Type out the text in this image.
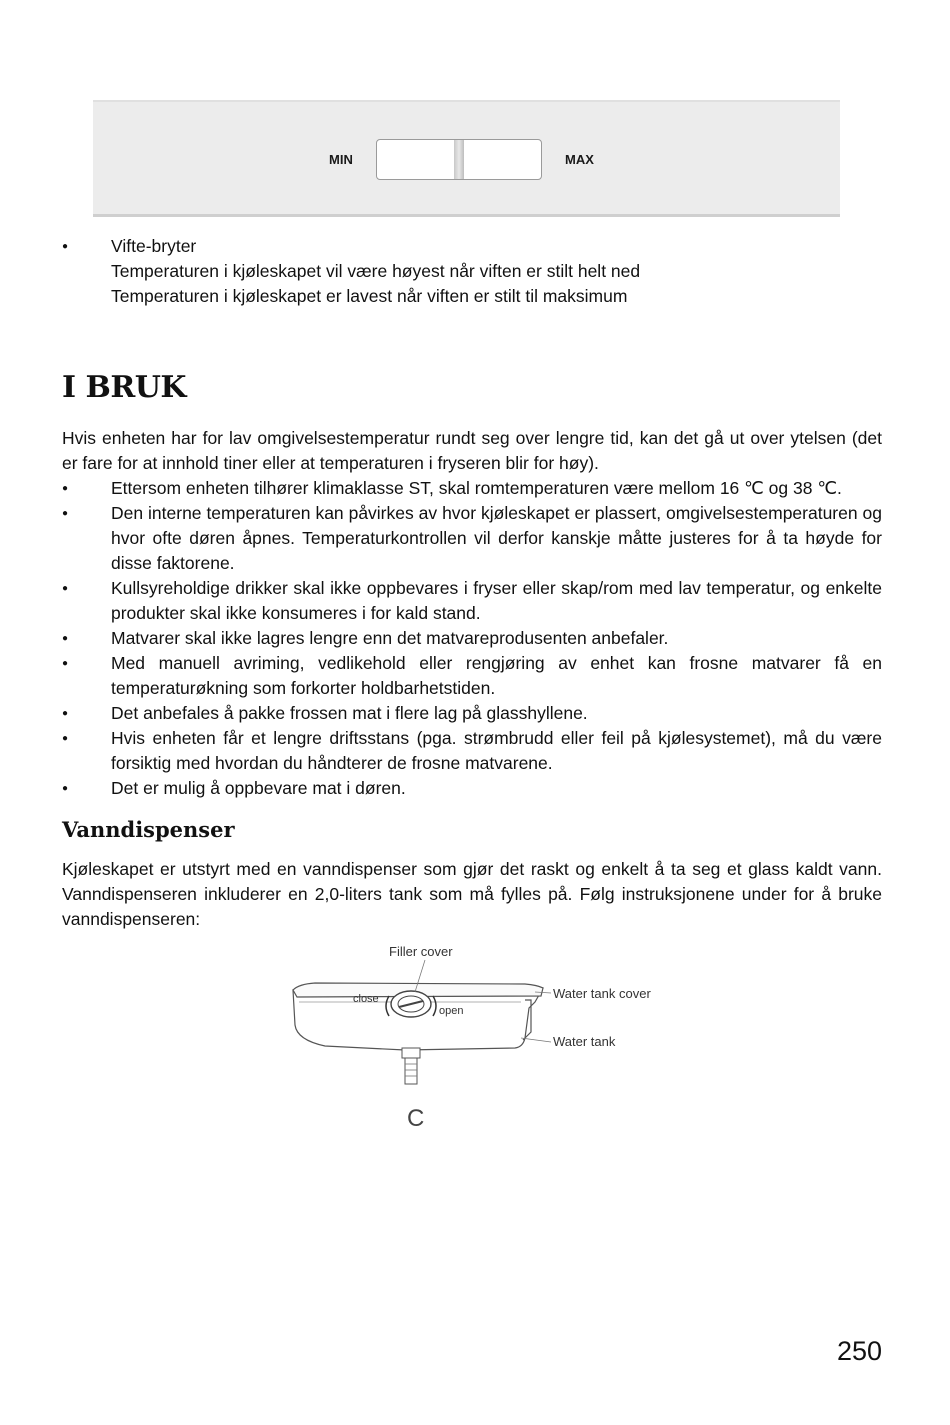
MIN	MAX
●
Vifte-bryter
Temperaturen i kjøleskapet vil være høyest når viften er stilt helt ned
Temperaturen i kjøleskapet er lavest når viften er stilt til maksimum
I BRUK
Hvis enheten har for lav omgivelsestemperatur rundt seg over lengre tid, kan det gå ut over ytelsen (det er fare for at innhold tiner eller at temperaturen i fryseren blir for høy).
●
Ettersom enheten tilhører klimaklasse ST, skal romtemperaturen være mellom 16 ℃ og 38 ℃.
●
Den interne temperaturen kan påvirkes av hvor kjøleskapet er plassert, omgivelsestemperaturen og hvor ofte døren åpnes. Temperaturkontrollen vil derfor kanskje måtte justeres for å ta høyde for disse faktorene.
●
Kullsyreholdige drikker skal ikke oppbevares i fryser eller skap/rom med lav temperatur, og enkelte produkter skal ikke konsumeres i for kald stand.
●
Matvarer skal ikke lagres lengre enn det matvareprodusenten anbefaler.
●
Med manuell avriming, vedlikehold eller rengjøring av enhet kan frosne matvarer få en temperaturøkning som forkorter holdbarhetstiden.
●
Det anbefales å pakke frossen mat i flere lag på glasshyllene.
●
Hvis enheten får et lengre driftsstans (pga. strømbrudd eller feil på kjølesystemet), må du være forsiktig med hvordan du håndterer de frosne matvarene.
●
Det er mulig å oppbevare mat i døren.
Vanndispenser
Kjøleskapet er utstyrt med en vanndispenser som gjør det raskt og enkelt å ta seg et glass kaldt vann. Vanndispenseren inkluderer en 2,0-liters tank som må fylles på. Følg instruksjonene under for å bruke vanndispenseren:
Filler cover
close
open
Water tank cover
Water tank
C
250
